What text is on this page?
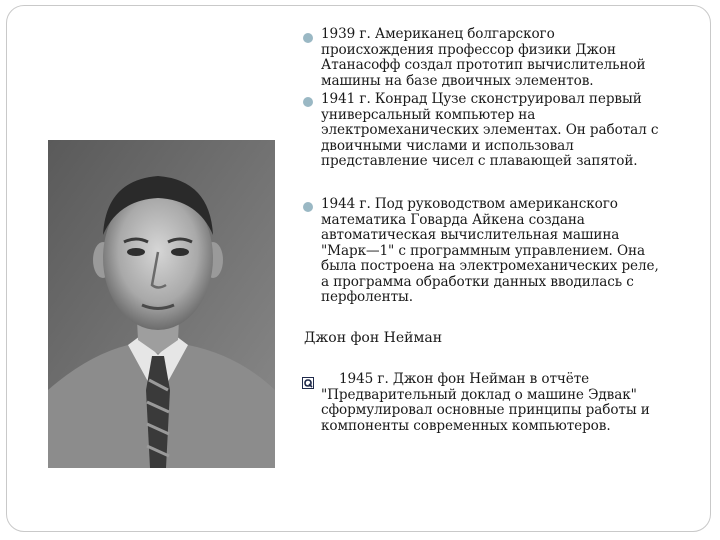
1939 г. Американец болгарского происхождения профессор физики Джон Атанасофф создал прототип вычислительной машины на базе двоичных элементов.
1941 г. Конрад Цузе сконструировал первый универсальный компьютер на электромеханических элементах. Он работал с двоичными числами и использовал представление чисел с плавающей запятой.
1944 г. Под руководством американского математика Говарда Айкена создана автоматическая вычислительная машина "Марк—1" с программным управлением. Она была построена на электромеханических реле, а программа обработки данных вводилась с перфоленты.
Джон фон Нейман
1945 г. Джон фон Нейман в отчёте "Предварительный доклад о машине Эдвак" сформулировал основные принципы работы и компоненты современных компьютеров.
